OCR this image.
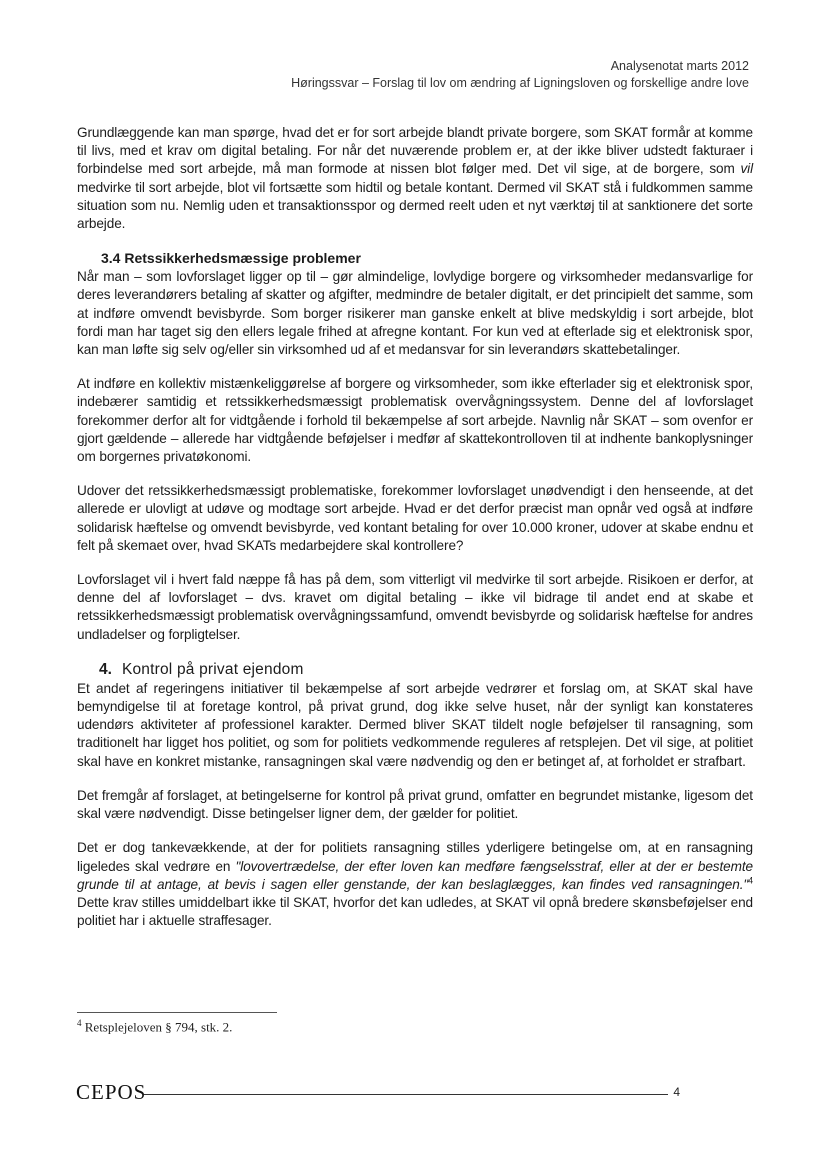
Analysenotat marts 2012
Høringssvar – Forslag til lov om ændring af Ligningsloven og forskellige andre love

Grundlæggende kan man spørge, hvad det er for sort arbejde blandt private borgere, som SKAT formår at komme til livs, med et krav om digital betaling. For når det nuværende problem er, at der ikke bliver udstedt fakturaer i forbindelse med sort arbejde, må man formode at nissen blot følger med. Det vil sige, at de borgere, som vil medvirke til sort arbejde, blot vil fortsætte som hidtil og betale kontant. Dermed vil SKAT stå i fuldkommen samme situation som nu. Nemlig uden et transaktionsspor og dermed reelt uden et nyt værktøj til at sanktionere det sorte arbejde.

3.4 Retssikkerhedsmæssige problemer

Når man – som lovforslaget ligger op til – gør almindelige, lovlydige borgere og virksomheder medansvarlige for deres leverandørers betaling af skatter og afgifter, medmindre de betaler digitalt, er det principielt det samme, som at indføre omvendt bevisbyrde. Som borger risikerer man ganske enkelt at blive medskyldig i sort arbejde, blot fordi man har taget sig den ellers legale frihed at afregne kontant. For kun ved at efterlade sig et elektronisk spor, kan man løfte sig selv og/eller sin virksomhed ud af et medansvar for sin leverandørs skattebetalinger.

At indføre en kollektiv mistænkeliggørelse af borgere og virksomheder, som ikke efterlader sig et elektronisk spor, indebærer samtidig et retssikkerhedsmæssigt problematisk overvågningssystem. Denne del af lovforslaget forekommer derfor alt for vidtgående i forhold til bekæmpelse af sort arbejde. Navnlig når SKAT – som ovenfor er gjort gældende – allerede har vidtgående beføjelser i medfør af skattekontrolloven til at indhente bankoplysninger om borgernes privatøkonomi.

Udover det retssikkerhedsmæssigt problematiske, forekommer lovforslaget unødvendigt i den henseende, at det allerede er ulovligt at udøve og modtage sort arbejde. Hvad er det derfor præcist man opnår ved også at indføre solidarisk hæftelse og omvendt bevisbyrde, ved kontant betaling for over 10.000 kroner, udover at skabe endnu et felt på skemaet over, hvad SKATs medarbejdere skal kontrollere?

Lovforslaget vil i hvert fald næppe få has på dem, som vitterligt vil medvirke til sort arbejde. Risikoen er derfor, at denne del af lovforslaget – dvs. kravet om digital betaling – ikke vil bidrage til andet end at skabe et retssikkerhedsmæssigt problematisk overvågningssamfund, omvendt bevisbyrde og solidarisk hæftelse for andres undladelser og forpligtelser.

4. Kontrol på privat ejendom

Et andet af regeringens initiativer til bekæmpelse af sort arbejde vedrører et forslag om, at SKAT skal have bemyndigelse til at foretage kontrol, på privat grund, dog ikke selve huset, når der synligt kan konstateres udendørs aktiviteter af professionel karakter. Dermed bliver SKAT tildelt nogle beføjelser til ransagning, som traditionelt har ligget hos politiet, og som for politiets vedkommende reguleres af retsplejen. Det vil sige, at politiet skal have en konkret mistanke, ransagningen skal være nødvendig og den er betinget af, at forholdet er strafbart.

Det fremgår af forslaget, at betingelserne for kontrol på privat grund, omfatter en begrundet mistanke, ligesom det skal være nødvendigt. Disse betingelser ligner dem, der gælder for politiet.

Det er dog tankevækkende, at der for politiets ransagning stilles yderligere betingelse om, at en ransagning ligeledes skal vedrøre en "lovovertrædelse, der efter loven kan medføre fængselsstraf, eller at der er bestemte grunde til at antage, at bevis i sagen eller genstande, der kan beslaglægges, kan findes ved ransagningen."$^4$ Dette krav stilles umiddelbart ikke til SKAT, hvorfor det kan udledes, at SKAT vil opnå bredere skønsbeføjelser end politiet har i aktuelle straffesager.

$^4$ Retsplejeloven § 794, stk. 2.
CEPOS	4
